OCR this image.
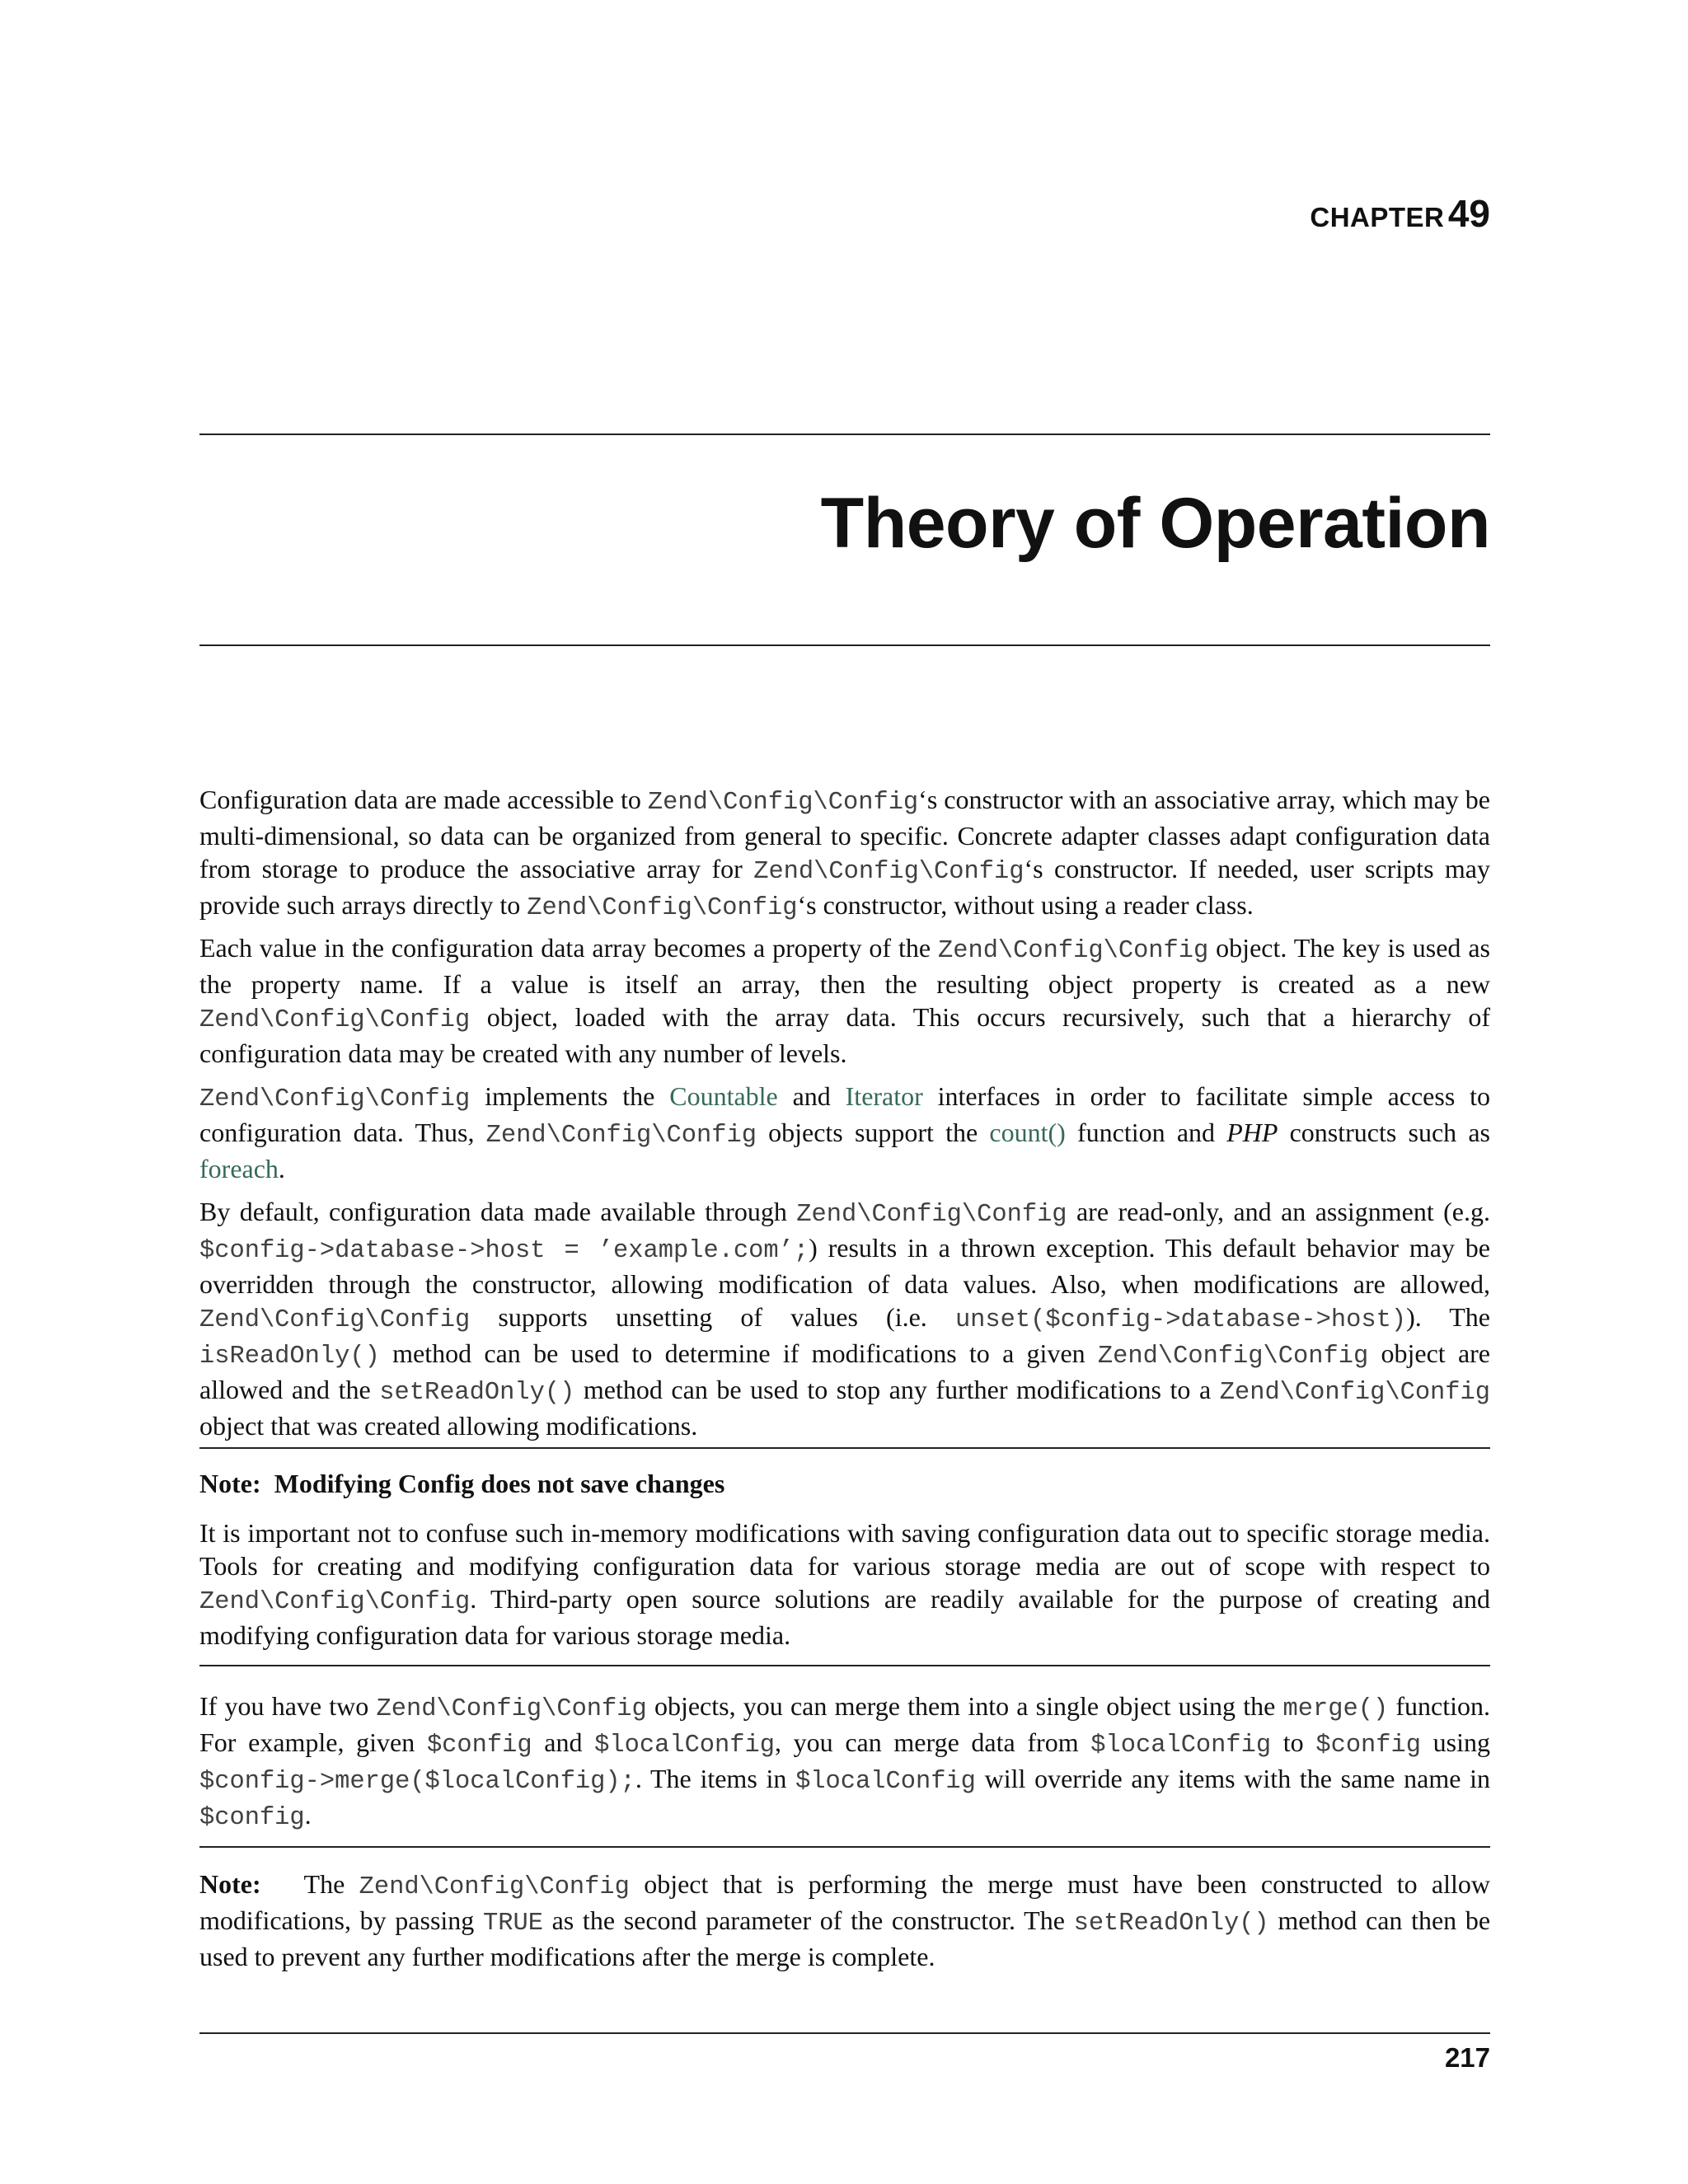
CHAPTER 49
Theory of Operation

Configuration data are made accessible to Zend\Config\Config‘s constructor with an associative array, which may be multi-dimensional, so data can be organized from general to specific. Concrete adapter classes adapt configuration data from storage to produce the associative array for Zend\Config\Config‘s constructor. If needed, user scripts may provide such arrays directly to Zend\Config\Config‘s constructor, without using a reader class.

Each value in the configuration data array becomes a property of the Zend\Config\Config object. The key is used as the property name. If a value is itself an array, then the resulting object property is created as a new Zend\Config\Config object, loaded with the array data. This occurs recursively, such that a hierarchy of configuration data may be created with any number of levels.

Zend\Config\Config implements the Countable and Iterator interfaces in order to facilitate simple access to configuration data. Thus, Zend\Config\Config objects support the count() function and PHP constructs such as foreach.

By default, configuration data made available through Zend\Config\Config are read-only, and an assignment (e.g. $config->database->host = ’example.com’;) results in a thrown exception. This default behavior may be overridden through the constructor, allowing modification of data values. Also, when modifications are allowed, Zend\Config\Config supports unsetting of values (i.e. unset($config->database->host)). The isReadOnly() method can be used to determine if modifications to a given Zend\Config\Config object are allowed and the setReadOnly() method can be used to stop any further modifications to a Zend\Config\Config object that was created allowing modifications.

Note: Modifying Config does not save changes

It is important not to confuse such in-memory modifications with saving configuration data out to specific storage media. Tools for creating and modifying configuration data for various storage media are out of scope with respect to Zend\Config\Config. Third-party open source solutions are readily available for the purpose of creating and modifying configuration data for various storage media.

If you have two Zend\Config\Config objects, you can merge them into a single object using the merge() function. For example, given $config and $localConfig, you can merge data from $localConfig to $config using $config->merge($localConfig);. The items in $localConfig will override any items with the same name in $config.

Note: The Zend\Config\Config object that is performing the merge must have been constructed to allow modifications, by passing TRUE as the second parameter of the constructor. The setReadOnly() method can then be used to prevent any further modifications after the merge is complete.

217
